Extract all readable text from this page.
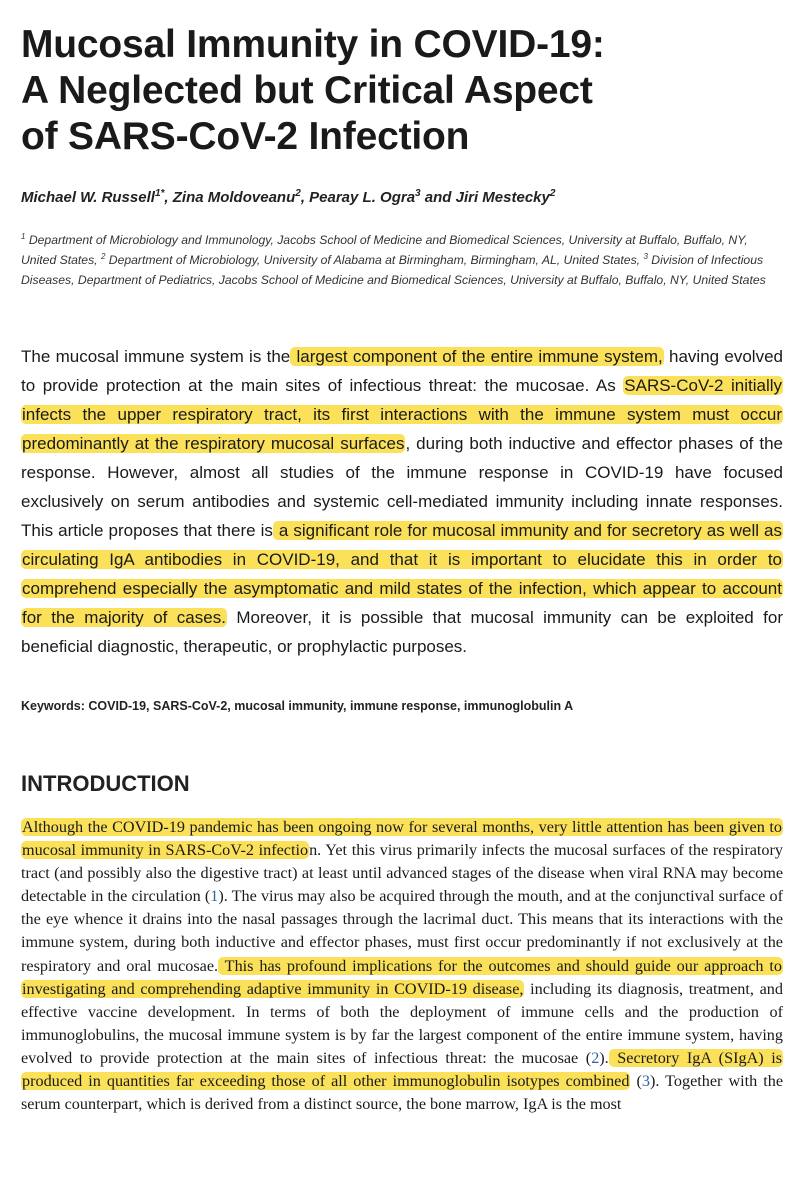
Mucosal Immunity in COVID-19:
A Neglected but Critical Aspect
of SARS-CoV-2 Infection
Michael W. Russell$^{1*}$, Zina Moldoveanu$^2$, Pearay L. Ogra$^3$ and Jiri Mestecky$^2$
$^1$ Department of Microbiology and Immunology, Jacobs School of Medicine and Biomedical Sciences, University at Buffalo, Buffalo, NY, United States, $^2$ Department of Microbiology, University of Alabama at Birmingham, Birmingham, AL, United States, $^3$ Division of Infectious Diseases, Department of Pediatrics, Jacobs School of Medicine and Biomedical Sciences, University at Buffalo, Buffalo, NY, United States

The mucosal immune system is the largest component of the entire immune system, having evolved to provide protection at the main sites of infectious threat: the mucosae. As SARS-CoV-2 initially infects the upper respiratory tract, its first interactions with the immune system must occur predominantly at the respiratory mucosal surfaces, during both inductive and effector phases of the response. However, almost all studies of the immune response in COVID-19 have focused exclusively on serum antibodies and systemic cell-mediated immunity including innate responses. This article proposes that there is a significant role for mucosal immunity and for secretory as well as circulating IgA antibodies in COVID-19, and that it is important to elucidate this in order to comprehend especially the asymptomatic and mild states of the infection, which appear to account for the majority of cases. Moreover, it is possible that mucosal immunity can be exploited for beneficial diagnostic, therapeutic, or prophylactic purposes.

Keywords: COVID-19, SARS-CoV-2, mucosal immunity, immune response, immunoglobulin A
INTRODUCTION

Although the COVID-19 pandemic has been ongoing now for several months, very little attention has been given to mucosal immunity in SARS-CoV-2 infection. Yet this virus primarily infects the mucosal surfaces of the respiratory tract (and possibly also the digestive tract) at least until advanced stages of the disease when viral RNA may become detectable in the circulation (1). The virus may also be acquired through the mouth, and at the conjunctival surface of the eye whence it drains into the nasal passages through the lacrimal duct. This means that its interactions with the immune system, during both inductive and effector phases, must first occur predominantly if not exclusively at the respiratory and oral mucosae. This has profound implications for the outcomes and should guide our approach to investigating and comprehending adaptive immunity in COVID-19 disease, including its diagnosis, treatment, and effective vaccine development. In terms of both the deployment of immune cells and the production of immunoglobulins, the mucosal immune system is by far the largest component of the entire immune system, having evolved to provide protection at the main sites of infectious threat: the mucosae (2). Secretory IgA (SIgA) is produced in quantities far exceeding those of all other immunoglobulin isotypes combined (3). Together with the serum counterpart, which is derived from a distinct source, the bone marrow, IgA is the most
